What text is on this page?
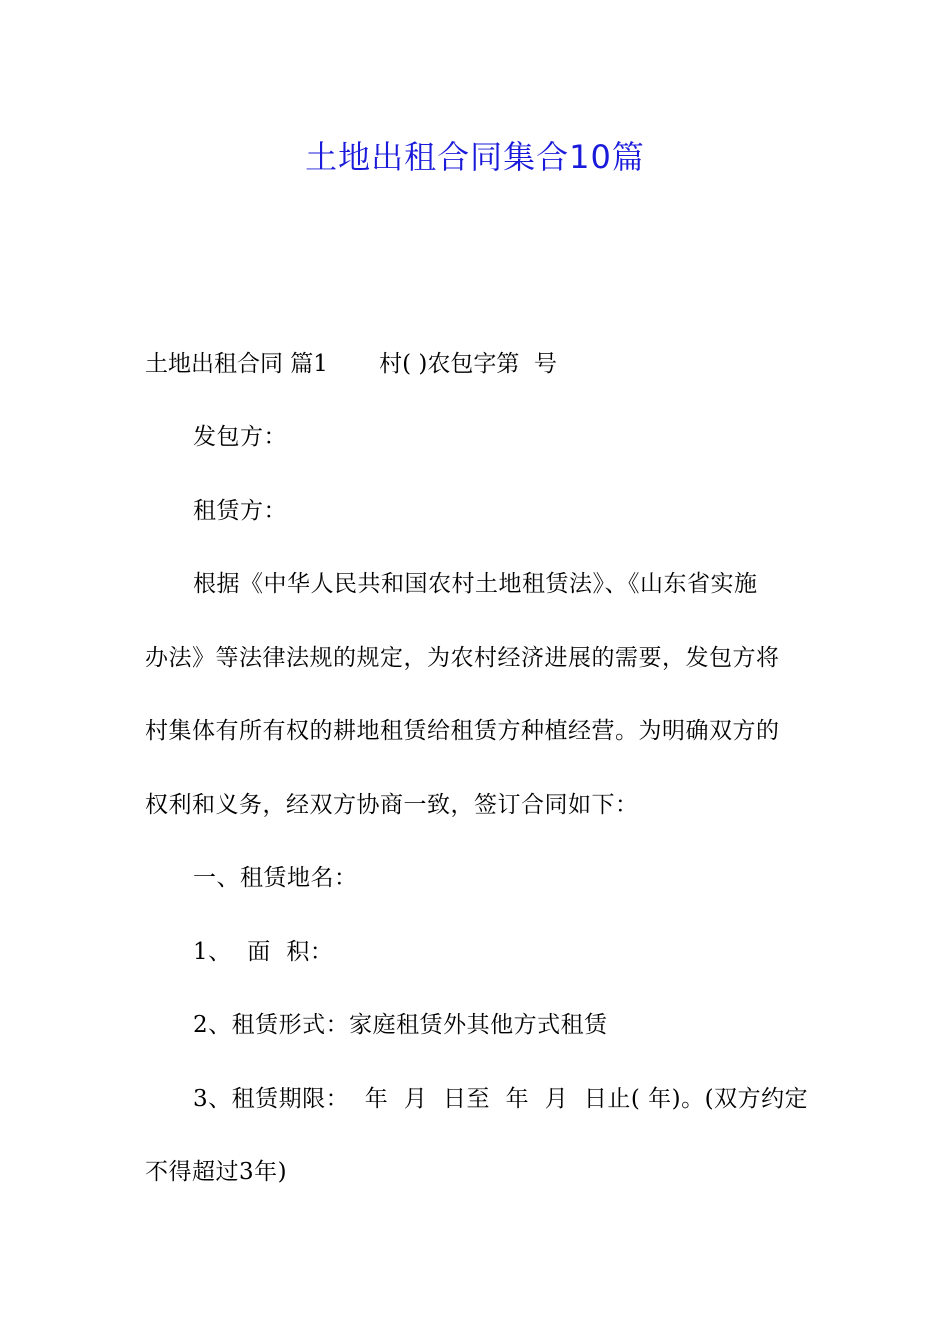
土地出租合同集合10篇
土地出租合同 篇1       村( )农包字第  号
发包方：
租赁方：
根据《中华人民共和国农村土地租赁法》、《山东省实施
办法》等法律法规的规定，为农村经济进展的需要，发包方将
村集体有所有权的耕地租赁给租赁方种植经营。为明确双方的
权利和义务，经双方协商一致，签订合同如下：
一、租赁地名：
1、  面  积：
2、租赁形式：家庭租赁外其他方式租赁
3、租赁期限：  年  月  日至  年  月  日止( 年)。(双方约定
不得超过3年)
